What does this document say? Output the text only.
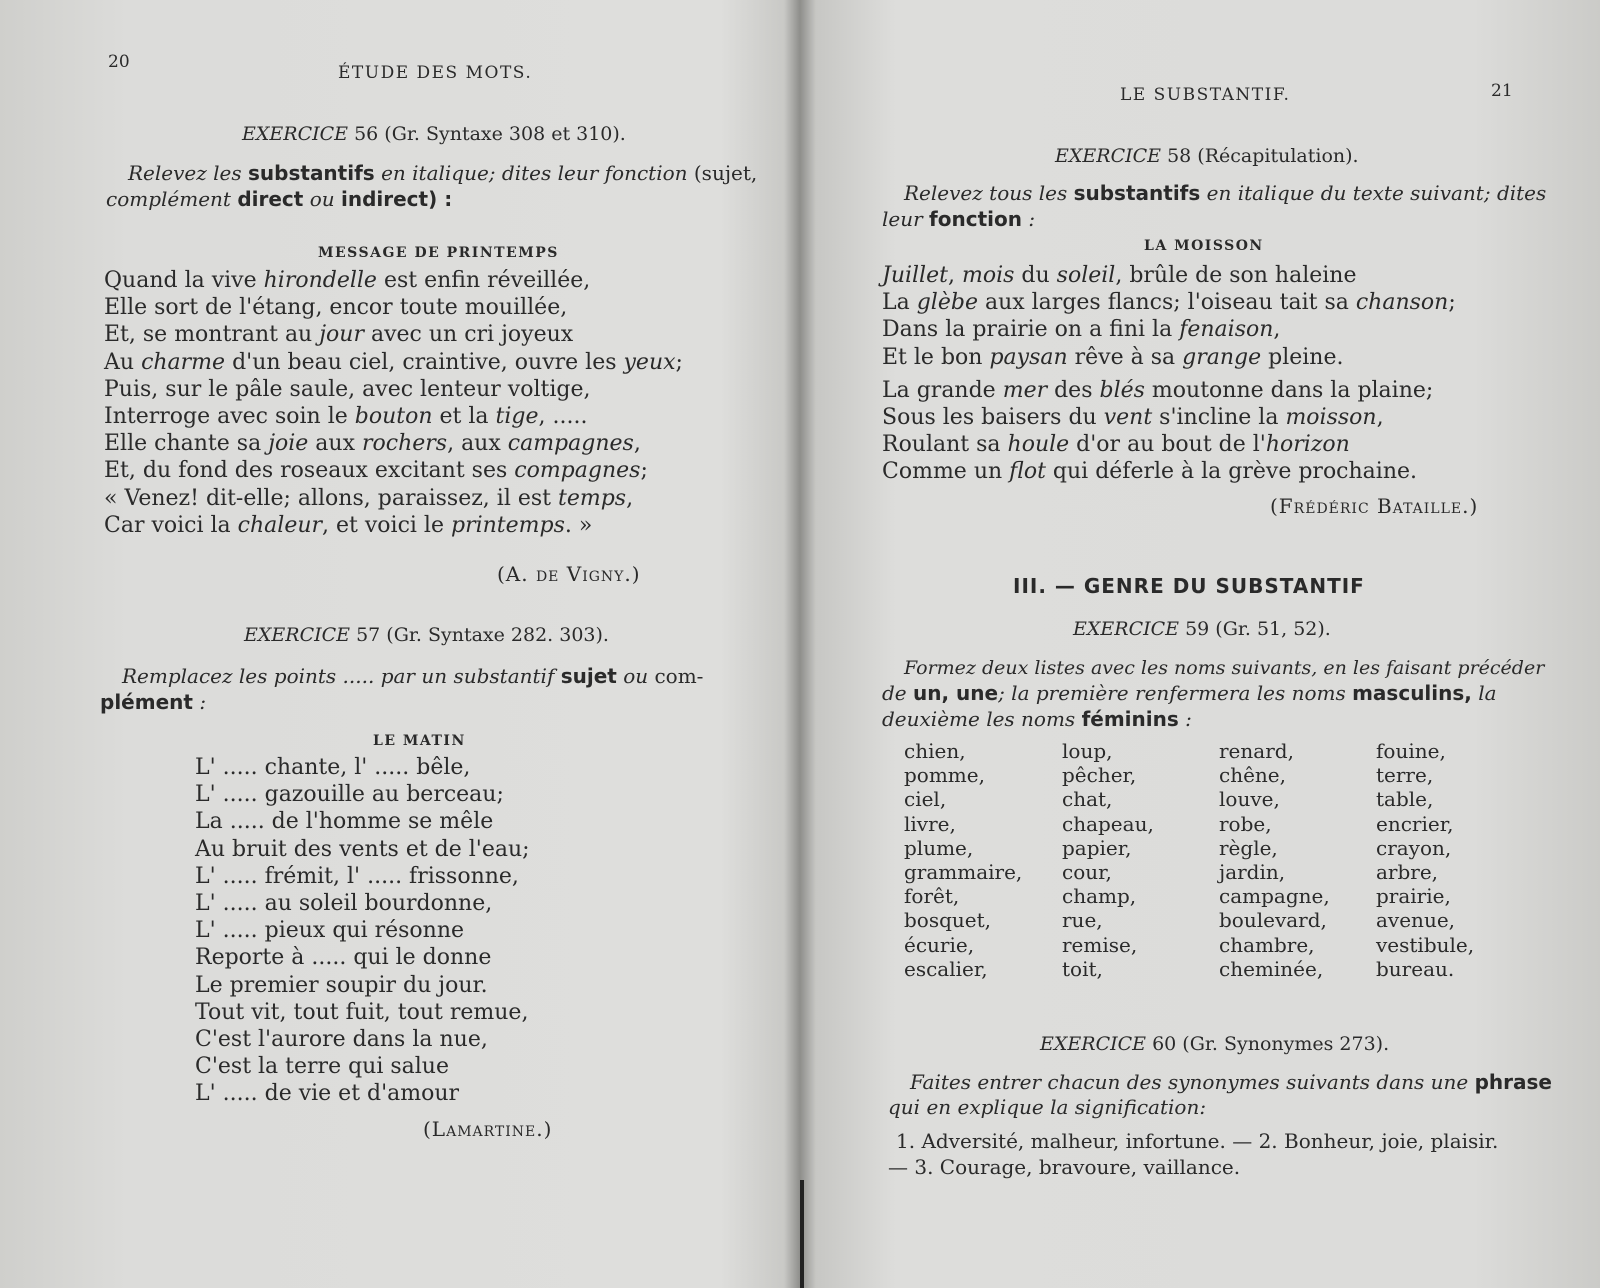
20
ÉTUDE DES MOTS.
EXERCICE 56 (Gr. Syntaxe 308 et 310).
Relevez les substantifs en italique; dites leur fonction (sujet,
complément direct ou indirect) :
MESSAGE DE PRINTEMPS
Quand la vive hirondelle est enfin réveillée,
Elle sort de l'étang, encor toute mouillée,
Et, se montrant au jour avec un cri joyeux
Au charme d'un beau ciel, craintive, ouvre les yeux;
Puis, sur le pâle saule, avec lenteur voltige,
Interroge avec soin le bouton et la tige, .....
Elle chante sa joie aux rochers, aux campagnes,
Et, du fond des roseaux excitant ses compagnes;
« Venez! dit-elle; allons, paraissez, il est temps,
Car voici la chaleur, et voici le printemps. »
(A. de Vigny.)
EXERCICE 57 (Gr. Syntaxe 282. 303).
Remplacez les points ..... par un substantif sujet ou com-
plément :
LE MATIN
L' ..... chante, l' ..... bêle,
L' ..... gazouille au berceau;
La ..... de l'homme se mêle
Au bruit des vents et de l'eau;
L' ..... frémit, l' ..... frissonne,
L' ..... au soleil bourdonne,
L' ..... pieux qui résonne
Reporte à ..... qui le donne
Le premier soupir du jour.
Tout vit, tout fuit, tout remue,
C'est l'aurore dans la nue,
C'est la terre qui salue
L' ..... de vie et d'amour
(Lamartine.)
LE SUBSTANTIF.	21
EXERCICE 58 (Récapitulation).
Relevez tous les substantifs en italique du texte suivant; dites
leur fonction :
LA MOISSON
Juillet, mois du soleil, brûle de son haleine
La glèbe aux larges flancs; l'oiseau tait sa chanson;
Dans la prairie on a fini la fenaison,
Et le bon paysan rêve à sa grange pleine.
La grande mer des blés moutonne dans la plaine;
Sous les baisers du vent s'incline la moisson,
Roulant sa houle d'or au bout de l'horizon
Comme un flot qui déferle à la grève prochaine.
(Frédéric Bataille.)
III. — GENRE DU SUBSTANTIF
EXERCICE 59 (Gr. 51, 52).
Formez deux listes avec les noms suivants, en les faisant précéder
de un, une; la première renfermera les noms masculins, la
deuxième les noms féminins :
chien,
pomme,
ciel,
livre,
plume,
grammaire,
forêt,
bosquet,
écurie,
escalier,
loup,
pêcher,
chat,
chapeau,
papier,
cour,
champ,
rue,
remise,
toit,
renard,
chêne,
louve,
robe,
règle,
jardin,
campagne,
boulevard,
chambre,
cheminée,
fouine,
terre,
table,
encrier,
crayon,
arbre,
prairie,
avenue,
vestibule,
bureau.
EXERCICE 60 (Gr. Synonymes 273).
Faites entrer chacun des synonymes suivants dans une phrase
qui en explique la signification:
1. Adversité, malheur, infortune. — 2. Bonheur, joie, plaisir.
— 3. Courage, bravoure, vaillance.
